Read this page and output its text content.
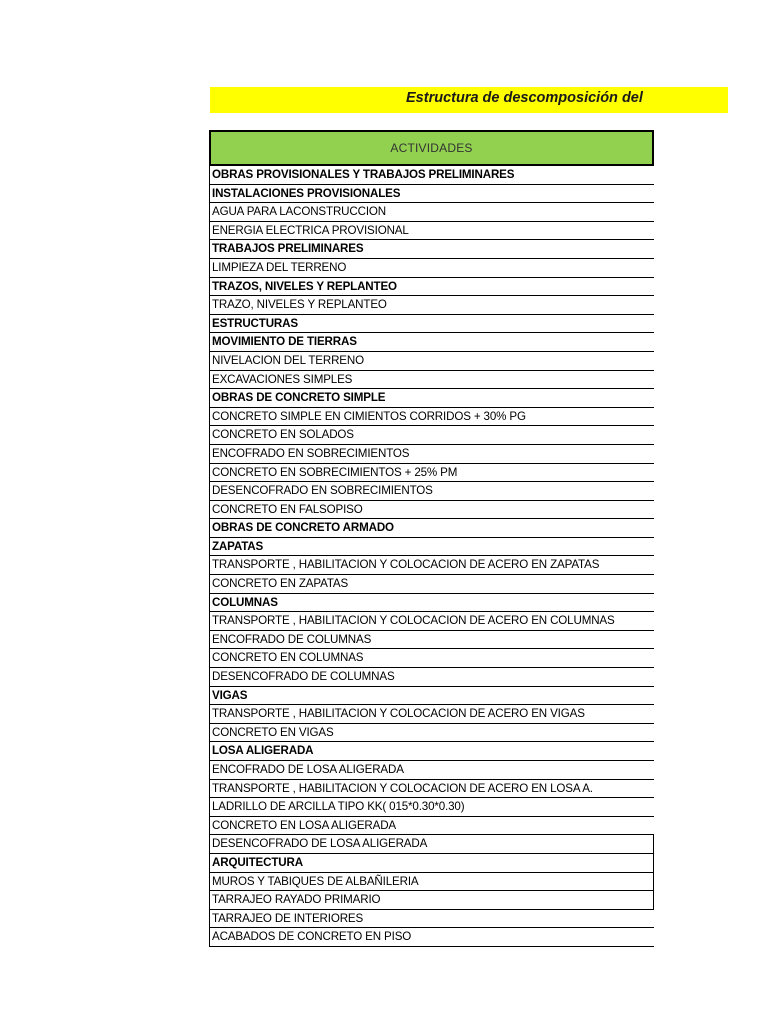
Estructura de descomposición del
ACTIVIDADES
OBRAS PROVISIONALES Y TRABAJOS PRELIMINARES
INSTALACIONES PROVISIONALES
AGUA PARA LACONSTRUCCION
ENERGIA ELECTRICA PROVISIONAL
TRABAJOS PRELIMINARES
LIMPIEZA DEL TERRENO
TRAZOS, NIVELES Y REPLANTEO
TRAZO, NIVELES Y REPLANTEO
ESTRUCTURAS
MOVIMIENTO DE TIERRAS
NIVELACION DEL TERRENO
EXCAVACIONES SIMPLES
OBRAS DE CONCRETO SIMPLE
CONCRETO SIMPLE EN CIMIENTOS CORRIDOS + 30% PG
CONCRETO EN SOLADOS
ENCOFRADO EN SOBRECIMIENTOS
CONCRETO EN SOBRECIMIENTOS + 25% PM
DESENCOFRADO EN SOBRECIMIENTOS
CONCRETO EN FALSOPISO
OBRAS DE CONCRETO ARMADO
ZAPATAS
TRANSPORTE , HABILITACION Y COLOCACION DE ACERO EN ZAPATAS
CONCRETO EN ZAPATAS
COLUMNAS
TRANSPORTE , HABILITACION Y COLOCACION DE ACERO EN COLUMNAS
ENCOFRADO DE COLUMNAS
CONCRETO EN COLUMNAS
DESENCOFRADO DE COLUMNAS
VIGAS
TRANSPORTE , HABILITACION Y COLOCACION DE ACERO EN VIGAS
CONCRETO EN VIGAS
LOSA ALIGERADA
ENCOFRADO DE LOSA ALIGERADA
TRANSPORTE , HABILITACION Y COLOCACION DE ACERO EN LOSA A.
LADRILLO DE ARCILLA TIPO KK( 015*0.30*0.30)
CONCRETO EN LOSA ALIGERADA
DESENCOFRADO DE LOSA ALIGERADA
ARQUITECTURA
MUROS Y TABIQUES DE ALBAÑILERIA
TARRAJEO RAYADO PRIMARIO
TARRAJEO DE INTERIORES
ACABADOS DE CONCRETO EN PISO
